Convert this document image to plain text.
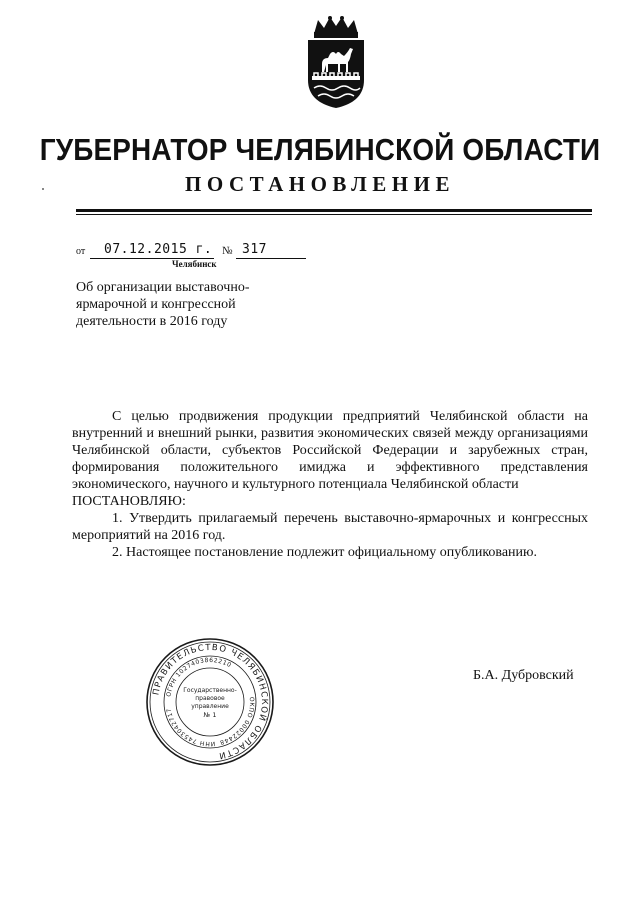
ГУБЕРНАТОР ЧЕЛЯБИНСКОЙ ОБЛАСТИ
ПОСТАНОВЛЕНИЕ
от 07.12.2015 г. № 317
Челябинск
Об организации выставочно-
ярмарочной и конгрессной
деятельности в 2016 году

С целью продвижения продукции предприятий Челябинской области на внутренний и внешний рынки, развития экономических связей между организациями Челябинской области, субъектов Российской Федерации и зарубежных стран, формирования положительного имиджа и эффективного представления экономического, научного и культурного потенциала Челябинской области

ПОСТАНОВЛЯЮ:

1. Утвердить прилагаемый перечень выставочно-ярмарочных и конгрессных мероприятий на 2016 год.

2. Настоящее постановление подлежит официальному опубликованию.

ПРАВИТЕЛЬСТВО ЧЕЛЯБИНСКОЙ ОБЛАСТИ
ОКПО 00022448
ОГРН 1027403862210
ИНН 7453042717
Государственно-
правовое
управление
№ 1
Б.А. Дубровский
